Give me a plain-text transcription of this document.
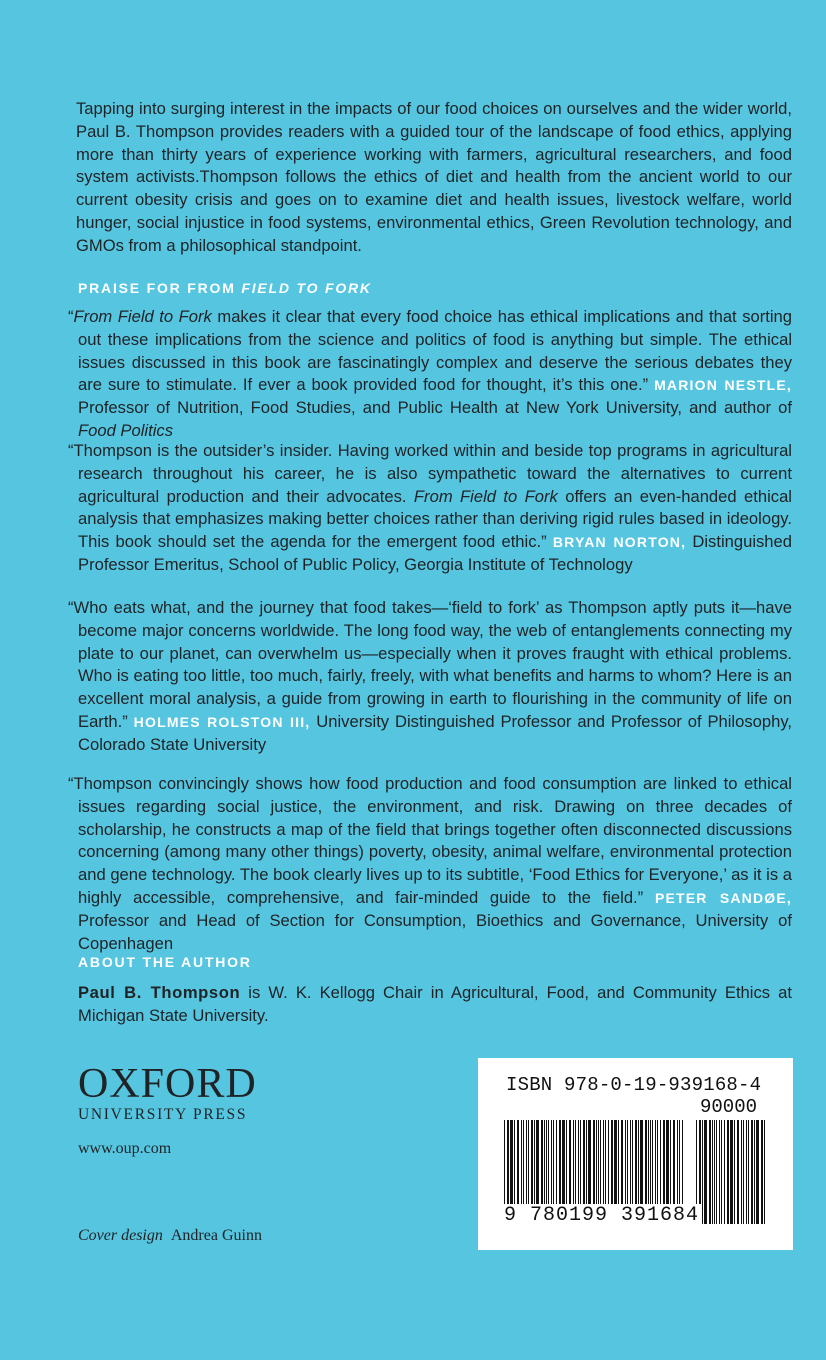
Tapping into surging interest in the impacts of our food choices on ourselves and the wider world, Paul B. Thompson provides readers with a guided tour of the landscape of food ethics, applying more than thirty years of experience working with farmers, agricultural researchers, and food system activists.Thompson follows the ethics of diet and health from the ancient world to our current obesity crisis and goes on to examine diet and health issues, livestock welfare, world hunger, social injustice in food systems, environmental ethics, Green Revolution technology, and GMOs from a philosophical standpoint.

PRAISE FOR FROM FIELD TO FORK

“From Field to Fork makes it clear that every food choice has ethical implications and that sorting out these implications from the science and politics of food is anything but simple. The ethical issues discussed in this book are fascinatingly complex and deserve the serious debates they are sure to stimulate. If ever a book provided food for thought, it’s this one.” MARION NESTLE, Professor of Nutrition, Food Studies, and Public Health at New York University, and author of Food Politics

“Thompson is the outsider’s insider. Having worked within and beside top programs in agricultural research throughout his career, he is also sympathetic toward the alternatives to current agricultural production and their advocates. From Field to Fork offers an even-handed ethical analysis that emphasizes making better choices rather than deriving rigid rules based in ideology. This book should set the agenda for the emergent food ethic.” BRYAN NORTON, Distinguished Professor Emeritus, School of Public Policy, Georgia Institute of Technology

“Who eats what, and the journey that food takes—‘field to fork’ as Thompson aptly puts it—have become major concerns worldwide. The long food way, the web of entanglements connecting my plate to our planet, can overwhelm us—especially when it proves fraught with ethical problems. Who is eating too little, too much, fairly, freely, with what benefits and harms to whom? Here is an excellent moral analysis, a guide from growing in earth to flourishing in the community of life on Earth.” HOLMES ROLSTON III, University Distinguished Professor and Professor of Philosophy, Colorado State University

“Thompson convincingly shows how food production and food consumption are linked to ethical issues regarding social justice, the environment, and risk. Drawing on three decades of scholarship, he constructs a map of the field that brings together often disconnected discussions concerning (among many other things) poverty, obesity, animal welfare, environmental protection and gene technology. The book clearly lives up to its subtitle, ‘Food Ethics for Everyone,’ as it is a highly accessible, comprehensive, and fair-minded guide to the field.” PETER SANDØE, Professor and Head of Section for Consumption, Bioethics and Governance, University of Copenhagen

ABOUT THE AUTHOR

Paul B. Thompson is W. K. Kellogg Chair in Agricultural, Food, and Community Ethics at Michigan State University.

OXFORD
UNIVERSITY PRESS
www.oup.com
Cover design Andrea Guinn
ISBN 978-0-19-939168-4
90000
9 780199 391684
